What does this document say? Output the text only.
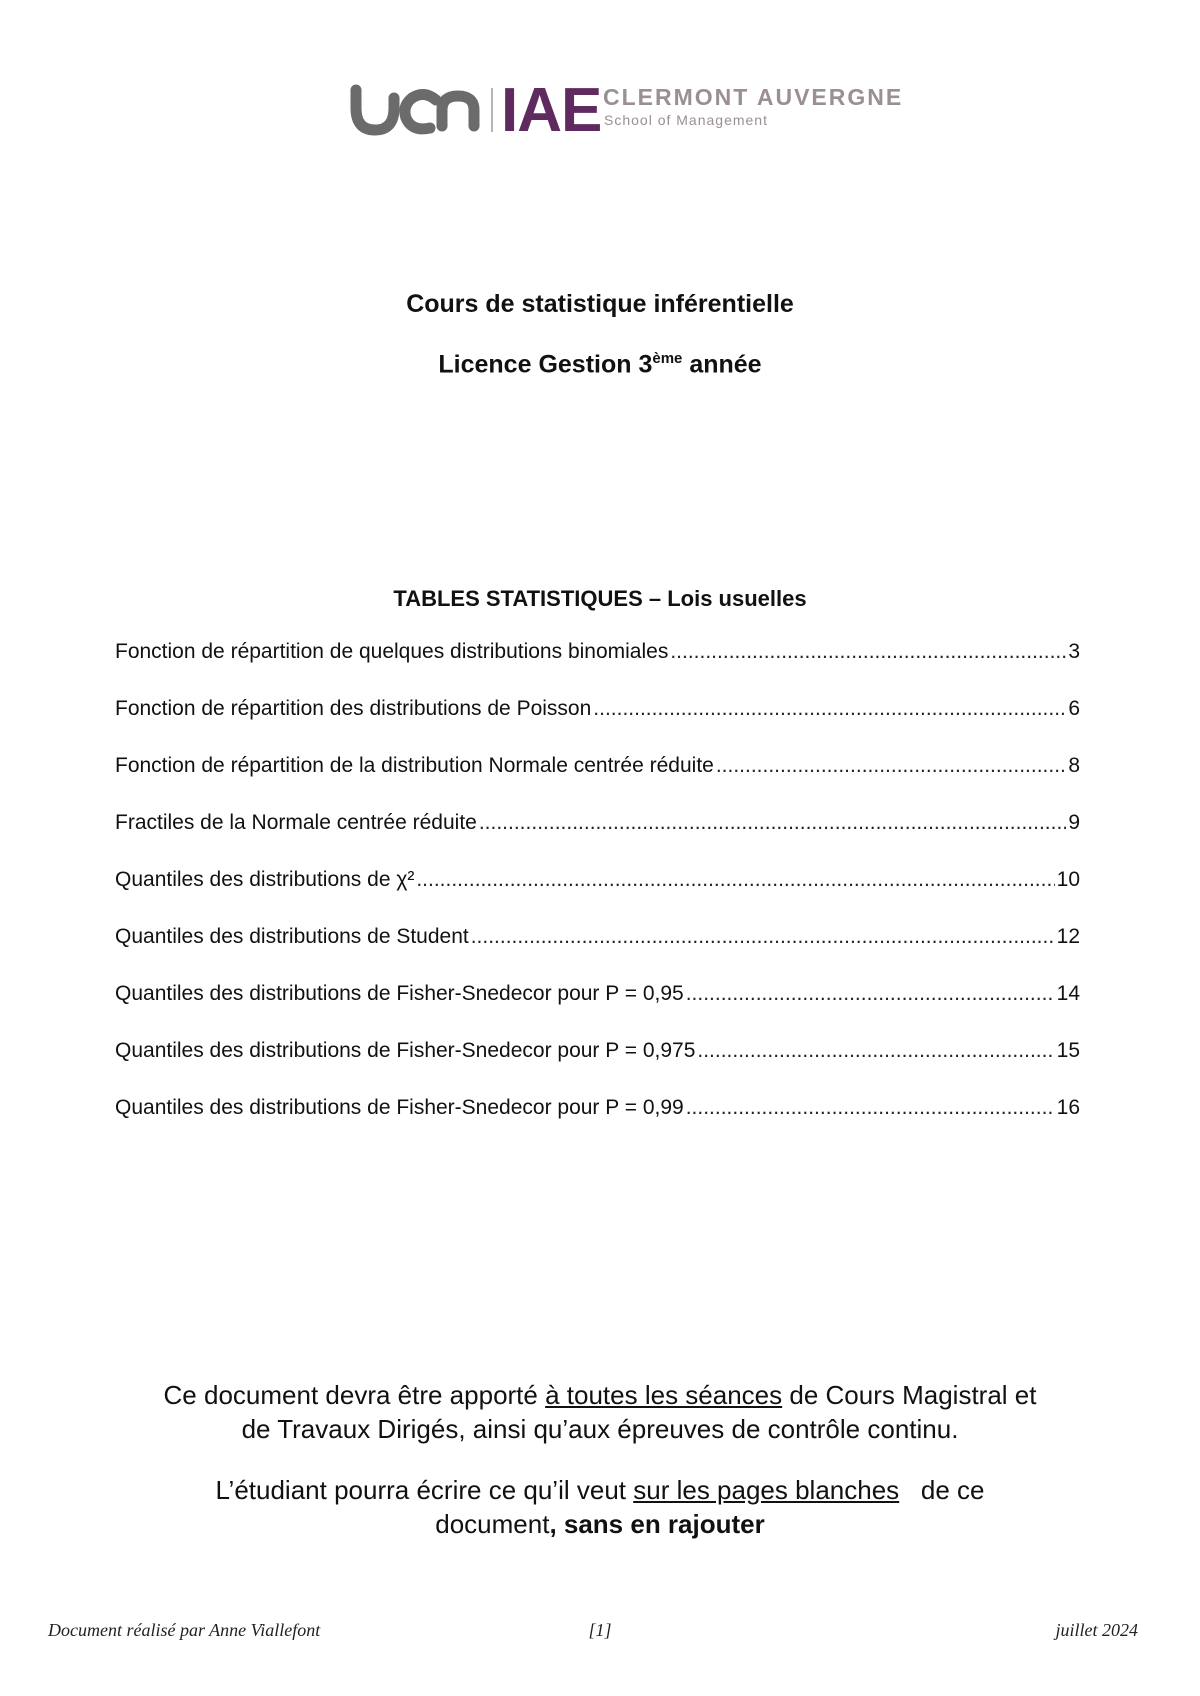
IAE CLERMONT AUVERGNE
School of Management
Cours de statistique inférentielle
Licence Gestion 3ème année
TABLES STATISTIQUES – Lois usuelles
Fonction de répartition de quelques distributions binomiales .....	3
Fonction de répartition des distributions de Poisson .....	6
Fonction de répartition de la distribution Normale centrée réduite .....	8
Fractiles de la Normale centrée réduite .....	9
Quantiles des distributions de χ² .....	10
Quantiles des distributions de Student .....	12
Quantiles des distributions de Fisher-Snedecor pour P = 0,95 .....	14
Quantiles des distributions de Fisher-Snedecor pour P = 0,975 .....	15
Quantiles des distributions de Fisher-Snedecor pour P = 0,99 .....	16
Ce document devra être apporté à toutes les séances de Cours Magistral et
de Travaux Dirigés, ainsi qu’aux épreuves de contrôle continu.
L’étudiant pourra écrire ce qu’il veut sur les pages blanches   de ce
document, sans en rajouter
Document réalisé par Anne Viallefont	[1]	juillet 2024
